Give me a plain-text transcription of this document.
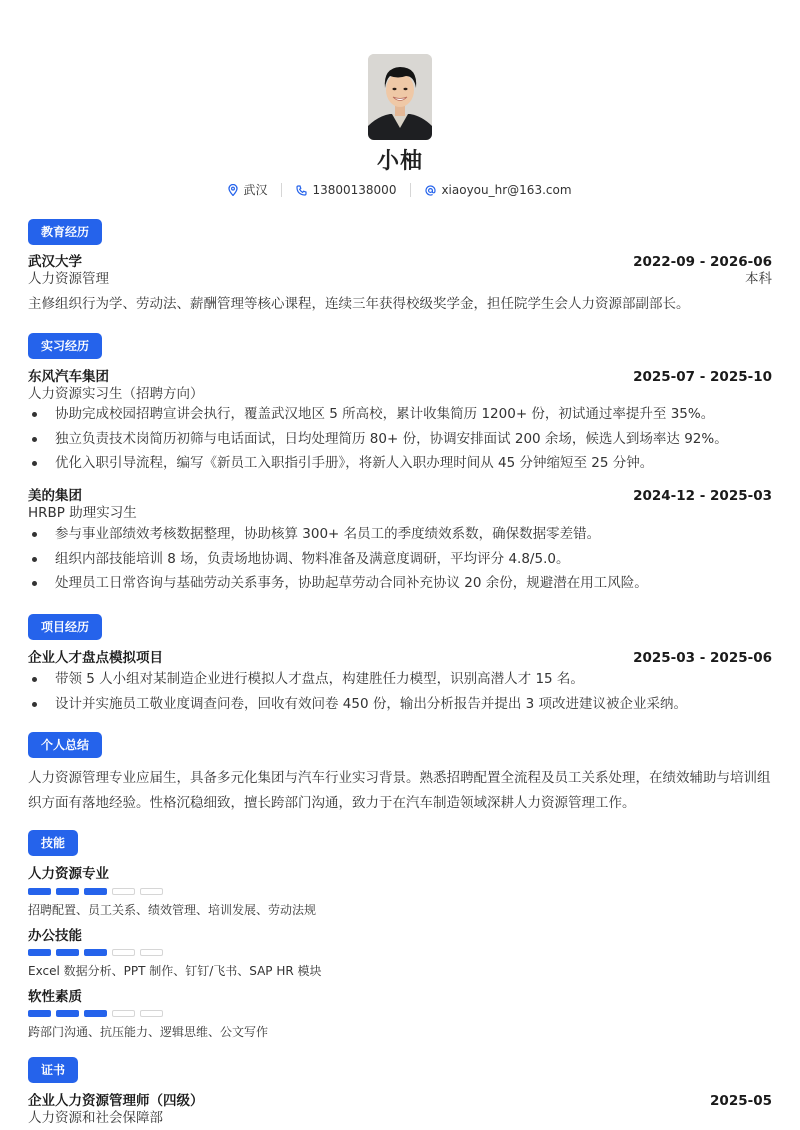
小柚
武汉	13800138000	xiaoyou_hr@163.com
教育经历
武汉大学	2022-09 - 2026-06
人力资源管理	本科
主修组织行为学、劳动法、薪酬管理等核心课程，连续三年获得校级奖学金，担任院学生会人力资源部副部长。
实习经历
东风汽车集团	2025-07 - 2025-10
人力资源实习生（招聘方向）
协助完成校园招聘宣讲会执行，覆盖武汉地区 5 所高校，累计收集简历 1200+ 份，初试通过率提升至 35%。
独立负责技术岗简历初筛与电话面试，日均处理简历 80+ 份，协调安排面试 200 余场，候选人到场率达 92%。
优化入职引导流程，编写《新员工入职指引手册》，将新人入职办理时间从 45 分钟缩短至 25 分钟。
美的集团	2024-12 - 2025-03
HRBP 助理实习生
参与事业部绩效考核数据整理，协助核算 300+ 名员工的季度绩效系数，确保数据零差错。
组织内部技能培训 8 场，负责场地协调、物料准备及满意度调研，平均评分 4.8/5.0。
处理员工日常咨询与基础劳动关系事务，协助起草劳动合同补充协议 20 余份，规避潜在用工风险。
项目经历
企业人才盘点模拟项目	2025-03 - 2025-06
带领 5 人小组对某制造企业进行模拟人才盘点，构建胜任力模型，识别高潜人才 15 名。
设计并实施员工敬业度调查问卷，回收有效问卷 450 份，输出分析报告并提出 3 项改进建议被企业采纳。
个人总结
人力资源管理专业应届生，具备多元化集团与汽车行业实习背景。熟悉招聘配置全流程及员工关系处理，在绩效辅助与培训组织方面有落地经验。性格沉稳细致，擅长跨部门沟通，致力于在汽车制造领域深耕人力资源管理工作。
技能
人力资源专业
招聘配置、员工关系、绩效管理、培训发展、劳动法规
办公技能
Excel 数据分析、PPT 制作、钉钉/飞书、SAP HR 模块
软性素质
跨部门沟通、抗压能力、逻辑思维、公文写作
证书
企业人力资源管理师（四级）	2025-05
人力资源和社会保障部
